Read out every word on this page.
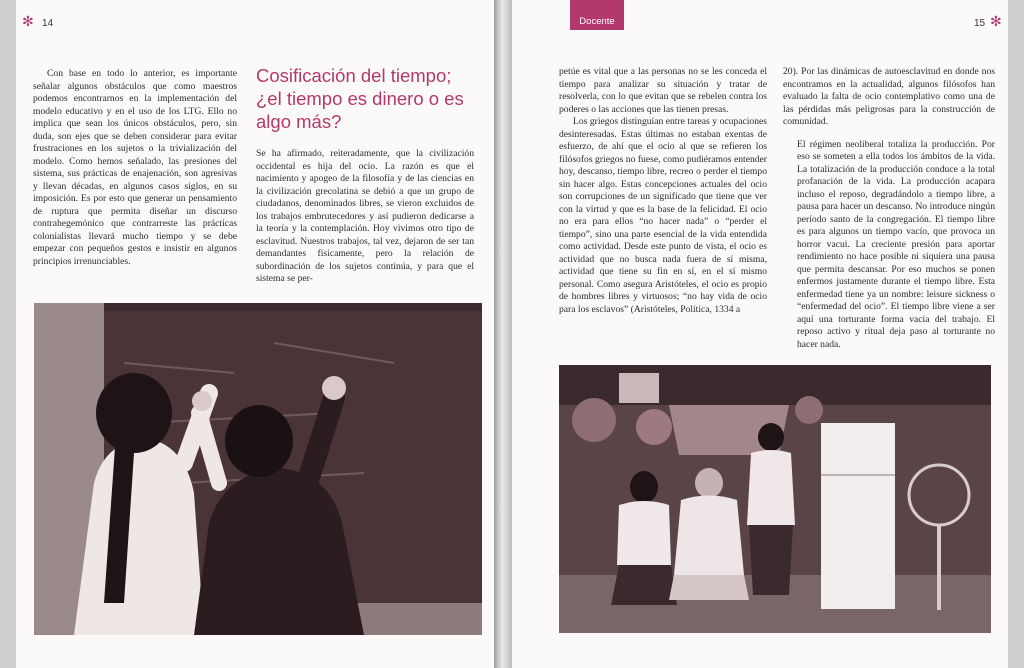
✻ 14

Con base en todo lo anterior, es importante señalar algunos obstáculos que como maestros podemos encontrarnos en la implementación del modelo educativo y en el uso de los LTG. Ello no implica que sean los únicos obstáculos, pero, sin duda, son ejes que se deben considerar para evitar frustraciones en los sujetos o la trivialización del modelo. Como hemos señalado, las presiones del sistema, sus prácticas de enajenación, son agresivas y llevan décadas, en algunos casos siglos, en su imposición. Es por esto que generar un pensamiento de ruptura que permita diseñar un discurso contrahegemónico que contrarreste las prácticas colonialistas llevará mucho tiempo y se debe empezar con pequeños gestos e insistir en algunos principios irrenunciables.

Cosificación del tiempo; ¿el tiempo es dinero o es algo más?

Se ha afirmado, reiteradamente, que la civilización occidental es hija del ocio. La razón es que el nacimiento y apogeo de la filosofía y de las ciencias en la civilización grecolatina se debió a que un grupo de ciudadanos, denominados libres, se vieron excluidos de los trabajos embrutecedores y así pudieron dedicarse a la teoría y la contemplación. Hoy vivimos otro tipo de esclavitud. Nuestros trabajos, tal vez, dejaron de ser tan demandantes físicamente, pero la relación de subordinación de los sujetos continúa, y para que el sistema se per-

Docente	15 ✻

petúe es vital que a las personas no se les conceda el tiempo para analizar su situación y tratar de resolverla, con lo que evitan que se rebelen contra los poderes o las acciones que las tienen presas.

Los griegos distinguían entre tareas y ocupaciones desinteresadas. Estas últimas no estaban exentas de esfuerzo, de ahí que el ocio al que se refieren los filósofos griegos no fuese, como pudiéramos entender hoy, descanso, tiempo libre, recreo o perder el tiempo sin hacer algo. Estas concepciones actuales del ocio son corrupciones de un significado que tiene que ver con la virtud y que es la base de la felicidad. El ocio no era para ellos “no hacer nada” o “perder el tiempo”, sino una parte esencial de la vida entendida como actividad. Desde este punto de vista, el ocio es actividad que no busca nada fuera de sí misma, actividad que tiene su fin en sí, en el sí mismo personal. Como asegura Aristóteles, el ocio es propio de hombres libres y virtuosos; “no hay vida de ocio para los esclavos” (Aristóteles, Política, 1334 a

20). Por las dinámicas de autoesclavitud en donde nos encontramos en la actualidad, algunos filósofos han evaluado la falta de ocio contemplativo como una de las pérdidas más peligrosas para la construcción de comunidad.

El régimen neoliberal totaliza la producción. Por eso se someten a ella todos los ámbitos de la vida. La totalización de la producción conduce a la total profanación de la vida. La producción acapara incluso el reposo, degradándolo a tiempo libre, a pausa para hacer un descanso. No introduce ningún período santo de la congregación. El tiempo libre es para algunos un tiempo vacío, que provoca un horror vacui. La creciente presión para aportar rendimiento no hace posible ni siquiera una pausa que permita descansar. Por eso muchos se ponen enfermos justamente durante el tiempo libre. Esta enfermedad tiene ya un nombre: leisure sickness o “enfermedad del ocio”. El tiempo libre viene a ser aquí una torturante forma vacía del trabajo. El reposo activo y ritual deja paso al torturante no hacer nada.
